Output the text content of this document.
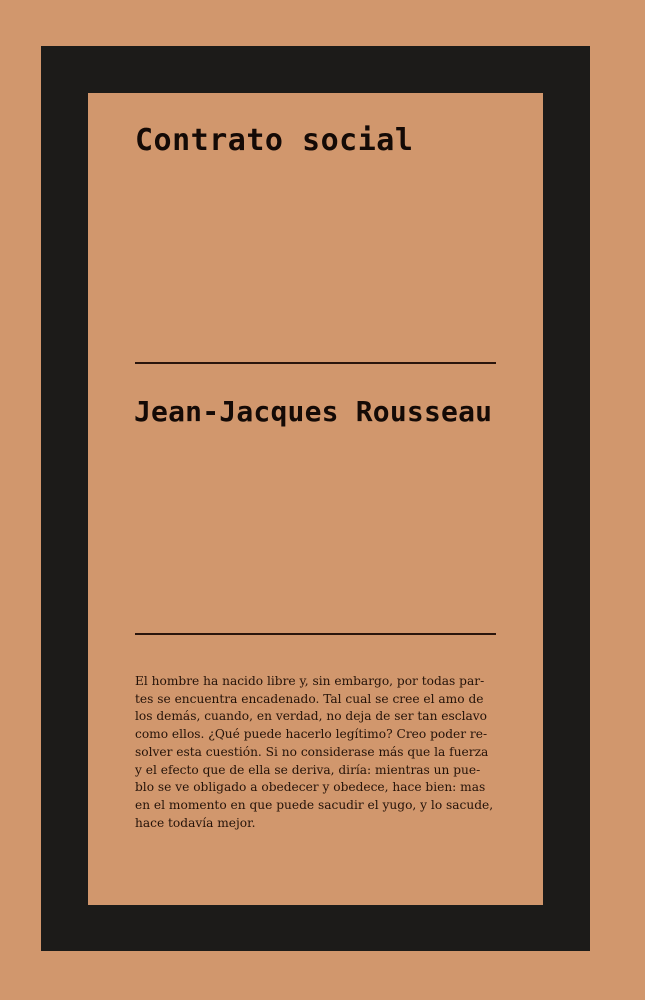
Contrato social
Jean-Jacques Rousseau
El hombre ha nacido libre y, sin embargo, por todas par-
tes se encuentra encadenado. Tal cual se cree el amo de
los demás, cuando, en verdad, no deja de ser tan esclavo
como ellos. ¿Qué puede hacerlo legítimo? Creo poder re-
solver esta cuestión. Si no considerase más que la fuerza
y el efecto que de ella se deriva, diría: mientras un pue-
blo se ve obligado a obedecer y obedece, hace bien: mas
en el momento en que puede sacudir el yugo, y lo sacude,
hace todavía mejor.
